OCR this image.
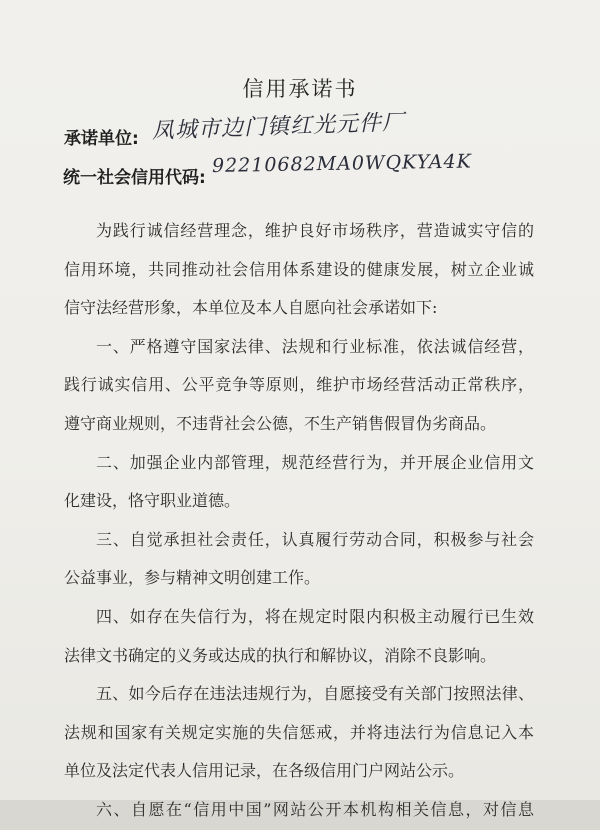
信用承诺书
承诺单位: 凤城市边门镇红光元件厂
统一社会信用代码:
92210682MA0WQKYA4K
为践行诚信经营理念，维护良好市场秩序，营造诚实守信的
信用环境，共同推动社会信用体系建设的健康发展，树立企业诚
信守法经营形象，本单位及本人自愿向社会承诺如下:
一、严格遵守国家法律、法规和行业标准，依法诚信经营，
践行诚实信用、公平竞争等原则，维护市场经营活动正常秩序，
遵守商业规则，不违背社会公德，不生产销售假冒伪劣商品。
二、加强企业内部管理，规范经营行为，并开展企业信用文
化建设，恪守职业道德。
三、自觉承担社会责任，认真履行劳动合同，积极参与社会
公益事业，参与精神文明创建工作。
四、如存在失信行为，将在规定时限内积极主动履行已生效
法律文书确定的义务或达成的执行和解协议，消除不良影响。
五、如今后存在违法违规行为，自愿接受有关部门按照法律、
法规和国家有关规定实施的失信惩戒，并将违法行为信息记入本
单位及法定代表人信用记录，在各级信用门户网站公示。
六、自愿在“信用中国”网站公开本机构相关信息，对信息
